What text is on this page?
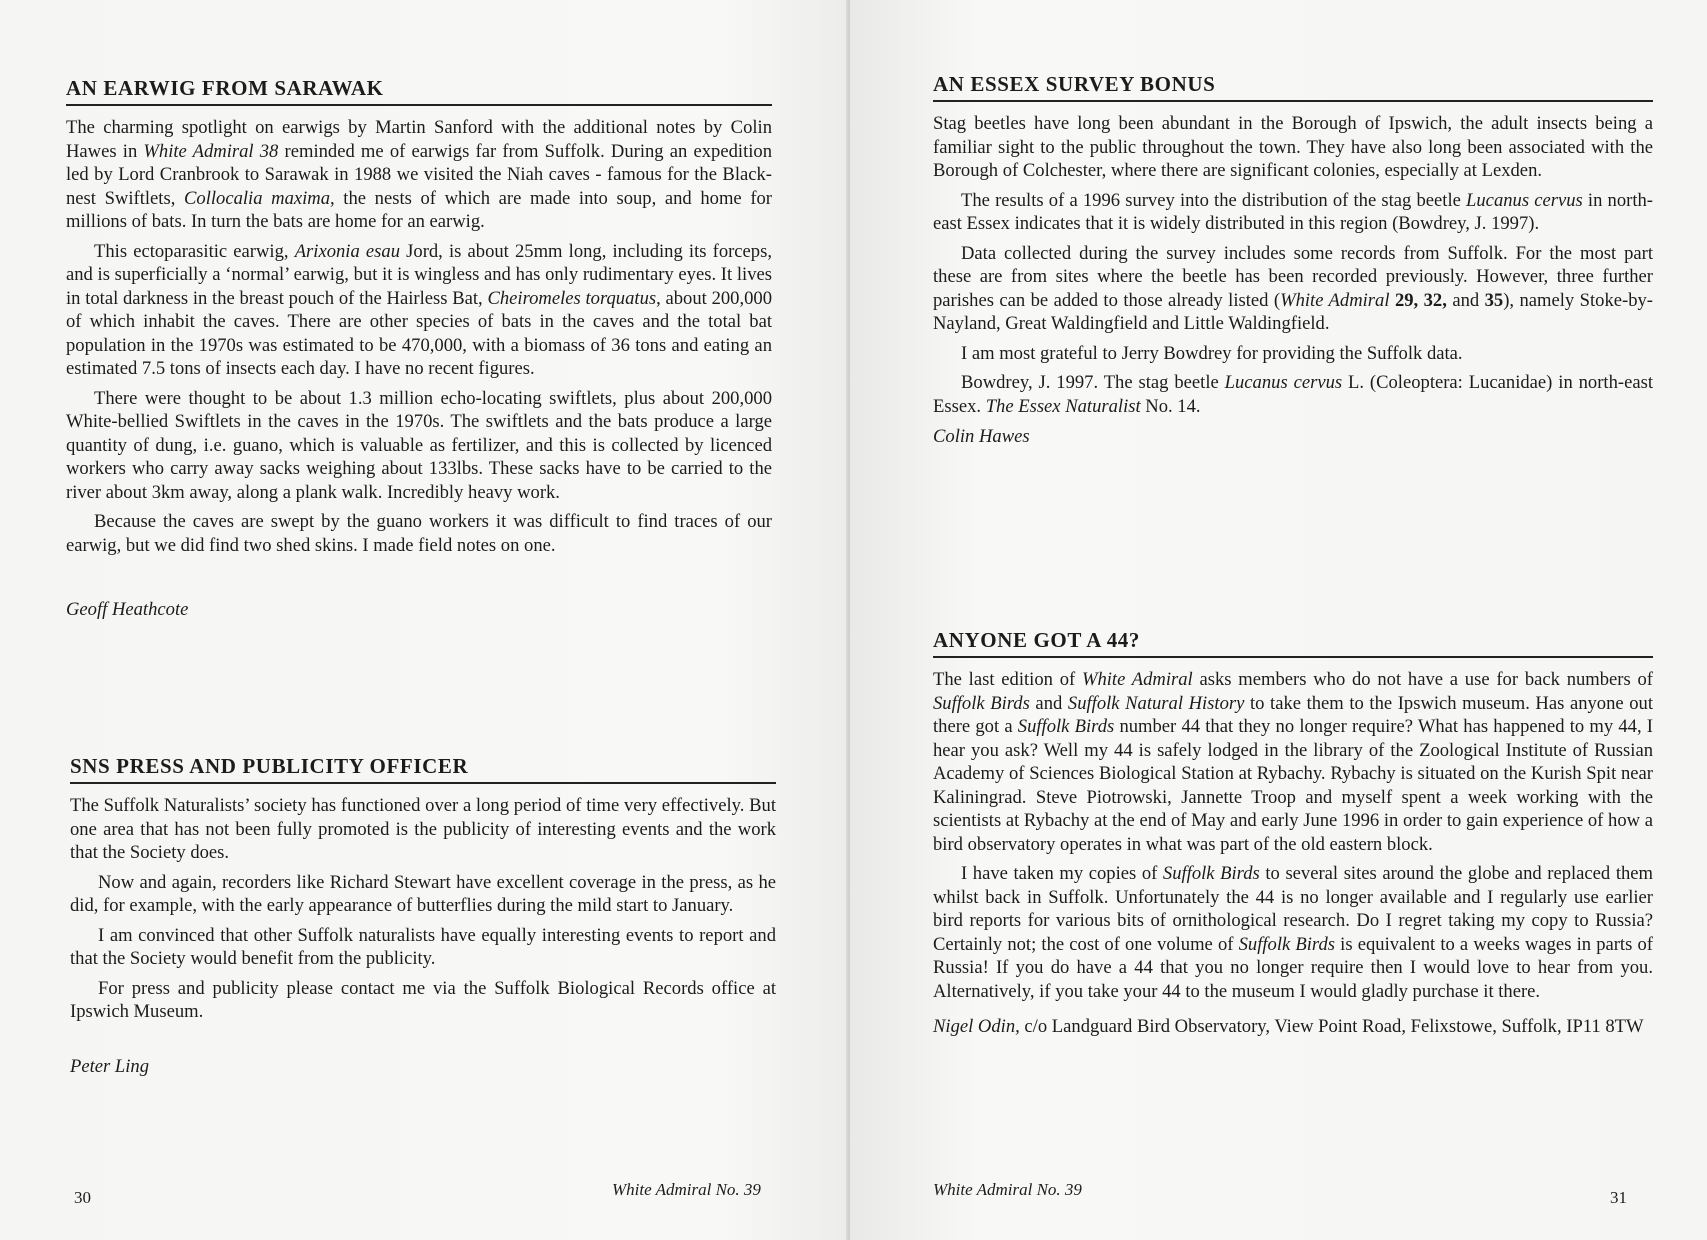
AN EARWIG FROM SARAWAK

The charming spotlight on earwigs by Martin Sanford with the additional notes by Colin Hawes in White Admiral 38 reminded me of earwigs far from Suffolk. During an expedition led by Lord Cranbrook to Sarawak in 1988 we visited the Niah caves - famous for the Black-nest Swiftlets, Collocalia maxima, the nests of which are made into soup, and home for millions of bats. In turn the bats are home for an earwig.

This ectoparasitic earwig, Arixonia esau Jord, is about 25mm long, including its forceps, and is superficially a ‘normal’ earwig, but it is wingless and has only rudimentary eyes. It lives in total darkness in the breast pouch of the Hairless Bat, Cheiromeles torquatus, about 200,000 of which inhabit the caves. There are other species of bats in the caves and the total bat population in the 1970s was estimated to be 470,000, with a biomass of 36 tons and eating an estimated 7.5 tons of insects each day. I have no recent figures.

There were thought to be about 1.3 million echo-locating swiftlets, plus about 200,000 White-bellied Swiftlets in the caves in the 1970s. The swiftlets and the bats produce a large quantity of dung, i.e. guano, which is valuable as fertilizer, and this is collected by licenced workers who carry away sacks weighing about 133lbs. These sacks have to be carried to the river about 3km away, along a plank walk. Incredibly heavy work.

Because the caves are swept by the guano workers it was difficult to find traces of our earwig, but we did find two shed skins. I made field notes on one.

Geoff Heathcote

SNS PRESS AND PUBLICITY OFFICER

The Suffolk Naturalists’ society has functioned over a long period of time very effectively. But one area that has not been fully promoted is the publicity of interesting events and the work that the Society does.

Now and again, recorders like Richard Stewart have excellent coverage in the press, as he did, for example, with the early appearance of butterflies during the mild start to January.

I am convinced that other Suffolk naturalists have equally interesting events to report and that the Society would benefit from the publicity.

For press and publicity please contact me via the Suffolk Biological Records office at Ipswich Museum.

Peter Ling

30	White Admiral No. 39
AN ESSEX SURVEY BONUS

Stag beetles have long been abundant in the Borough of Ipswich, the adult insects being a familiar sight to the public throughout the town. They have also long been associated with the Borough of Colchester, where there are significant colonies, especially at Lexden.

The results of a 1996 survey into the distribution of the stag beetle Lucanus cervus in north-east Essex indicates that it is widely distributed in this region (Bowdrey, J. 1997).

Data collected during the survey includes some records from Suffolk. For the most part these are from sites where the beetle has been recorded previously. However, three further parishes can be added to those already listed (White Admiral 29, 32, and 35), namely Stoke-by-Nayland, Great Waldingfield and Little Waldingfield.

I am most grateful to Jerry Bowdrey for providing the Suffolk data.

Bowdrey, J. 1997. The stag beetle Lucanus cervus L. (Coleoptera: Lucanidae) in north-east Essex. The Essex Naturalist No. 14.

Colin Hawes

ANYONE GOT A 44?

The last edition of White Admiral asks members who do not have a use for back numbers of Suffolk Birds and Suffolk Natural History to take them to the Ipswich museum. Has anyone out there got a Suffolk Birds number 44 that they no longer require? What has happened to my 44, I hear you ask? Well my 44 is safely lodged in the library of the Zoological Institute of Russian Academy of Sciences Biological Station at Rybachy. Rybachy is situated on the Kurish Spit near Kaliningrad. Steve Piotrowski, Jannette Troop and myself spent a week working with the scientists at Rybachy at the end of May and early June 1996 in order to gain experience of how a bird observatory operates in what was part of the old eastern block.

I have taken my copies of Suffolk Birds to several sites around the globe and replaced them whilst back in Suffolk. Unfortunately the 44 is no longer available and I regularly use earlier bird reports for various bits of ornithological research. Do I regret taking my copy to Russia? Certainly not; the cost of one volume of Suffolk Birds is equivalent to a weeks wages in parts of Russia! If you do have a 44 that you no longer require then I would love to hear from you. Alternatively, if you take your 44 to the museum I would gladly purchase it there.

Nigel Odin, c/o Landguard Bird Observatory, View Point Road, Felixstowe, Suffolk, IP11 8TW

White Admiral No. 39	31
